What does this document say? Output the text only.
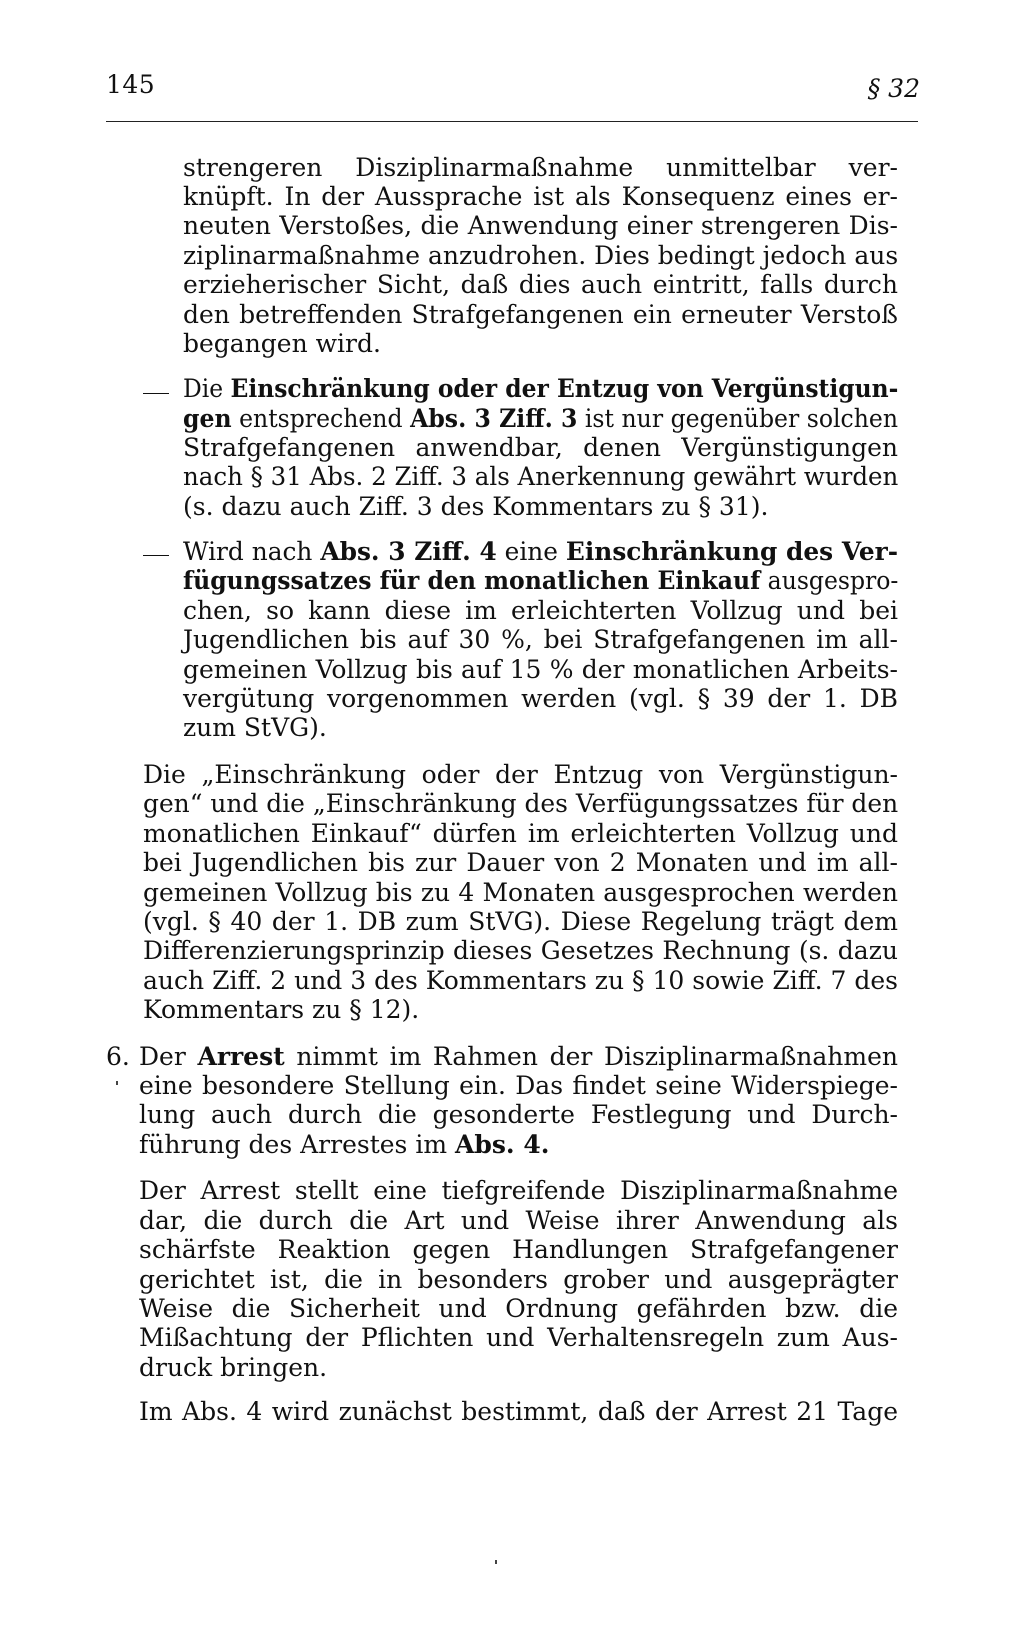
145	§ 32
strengeren Disziplinarmaßnahme unmittelbar ver-
knüpft. In der Aussprache ist als Konsequenz eines er-
neuten Verstoßes, die Anwendung einer strengeren Dis-
ziplinarmaßnahme anzudrohen. Dies bedingt jedoch aus
erzieherischer Sicht, daß dies auch eintritt, falls durch
den betreffenden Strafgefangenen ein erneuter Verstoß
begangen wird.
Die Einschränkung oder der Entzug von Vergünstigun-
gen entsprechend Abs. 3 Ziff. 3 ist nur gegenüber solchen
Strafgefangenen anwendbar, denen Vergünstigungen
nach § 31 Abs. 2 Ziff. 3 als Anerkennung gewährt wurden
(s. dazu auch Ziff. 3 des Kommentars zu § 31).
Wird nach Abs. 3 Ziff. 4 eine Einschränkung des Ver-
fügungssatzes für den monatlichen Einkauf ausgespro-
chen, so kann diese im erleichterten Vollzug und bei
Jugendlichen bis auf 30 %, bei Strafgefangenen im all-
gemeinen Vollzug bis auf 15 % der monatlichen Arbeits-
vergütung vorgenommen werden (vgl. § 39 der 1. DB
zum StVG).
Die „Einschränkung oder der Entzug von Vergünstigun-
gen“ und die „Einschränkung des Verfügungssatzes für den
monatlichen Einkauf“ dürfen im erleichterten Vollzug und
bei Jugendlichen bis zur Dauer von 2 Monaten und im all-
gemeinen Vollzug bis zu 4 Monaten ausgesprochen werden
(vgl. § 40 der 1. DB zum StVG). Diese Regelung trägt dem
Differenzierungsprinzip dieses Gesetzes Rechnung (s. dazu
auch Ziff. 2 und 3 des Kommentars zu § 10 sowie Ziff. 7 des
Kommentars zu § 12).
6. Der Arrest nimmt im Rahmen der Disziplinarmaßnahmen
eine besondere Stellung ein. Das findet seine Widerspiege-
lung auch durch die gesonderte Festlegung und Durch-
führung des Arrestes im Abs. 4.
Der Arrest stellt eine tiefgreifende Disziplinarmaßnahme
dar, die durch die Art und Weise ihrer Anwendung als
schärfste Reaktion gegen Handlungen Strafgefangener
gerichtet ist, die in besonders grober und ausgeprägter
Weise die Sicherheit und Ordnung gefährden bzw. die
Mißachtung der Pflichten und Verhaltensregeln zum Aus-
druck bringen.
Im Abs. 4 wird zunächst bestimmt, daß der Arrest 21 Tage
